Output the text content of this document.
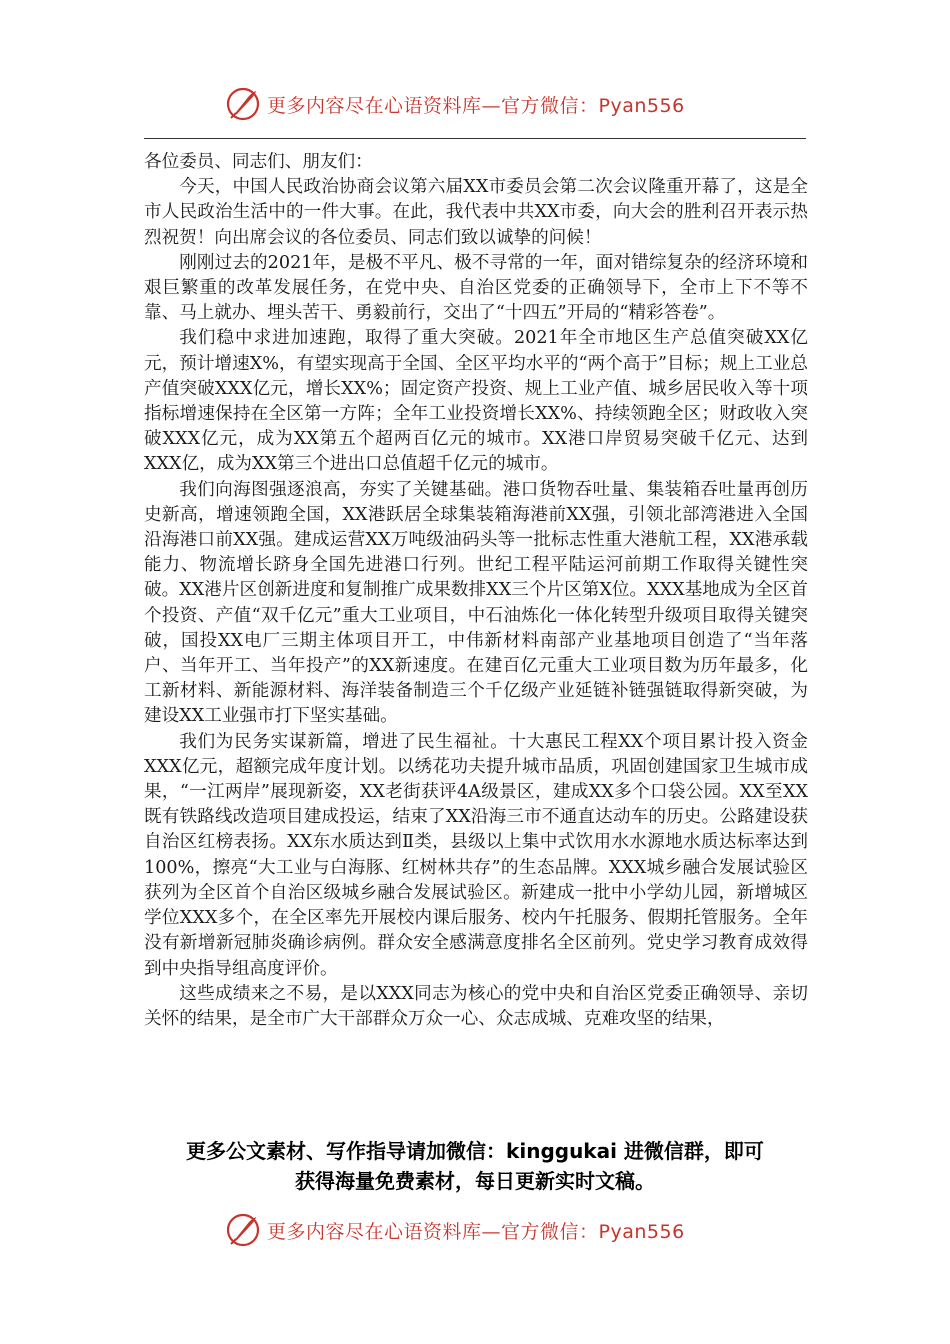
更多内容尽在心语资料库—官方微信：Pyan556

各位委员、同志们、朋友们：

今天，中国人民政治协商会议第六届XX市委员会第二次会议隆重开幕了，这是全市人民政治生活中的一件大事。在此，我代表中共XX市委，向大会的胜利召开表示热烈祝贺！向出席会议的各位委员、同志们致以诚挚的问候！

刚刚过去的2021年，是极不平凡、极不寻常的一年，面对错综复杂的经济环境和艰巨繁重的改革发展任务，在党中央、自治区党委的正确领导下，全市上下不等不靠、马上就办、埋头苦干、勇毅前行，交出了“十四五”开局的“精彩答卷”。

我们稳中求进加速跑，取得了重大突破。2021年全市地区生产总值突破XX亿元，预计增速X%，有望实现高于全国、全区平均水平的“两个高于”目标；规上工业总产值突破XXX亿元，增长XX%；固定资产投资、规上工业产值、城乡居民收入等十项指标增速保持在全区第一方阵；全年工业投资增长XX%、持续领跑全区；财政收入突破XXX亿元，成为XX第五个超两百亿元的城市。XX港口岸贸易突破千亿元、达到XXX亿，成为XX第三个进出口总值超千亿元的城市。

我们向海图强逐浪高，夯实了关键基础。港口货物吞吐量、集装箱吞吐量再创历史新高，增速领跑全国，XX港跃居全球集装箱海港前XX强，引领北部湾港进入全国沿海港口前XX强。建成运营XX万吨级油码头等一批标志性重大港航工程，XX港承载能力、物流增长跻身全国先进港口行列。世纪工程平陆运河前期工作取得关键性突破。XX港片区创新进度和复制推广成果数排XX三个片区第X位。XXX基地成为全区首个投资、产值“双千亿元”重大工业项目，中石油炼化一体化转型升级项目取得关键突破，国投XX电厂三期主体项目开工，中伟新材料南部产业基地项目创造了“当年落户、当年开工、当年投产”的XX新速度。在建百亿元重大工业项目数为历年最多，化工新材料、新能源材料、海洋装备制造三个千亿级产业延链补链强链取得新突破，为建设XX工业强市打下坚实基础。

我们为民务实谋新篇，增进了民生福祉。十大惠民工程XX个项目累计投入资金XXX亿元，超额完成年度计划。以绣花功夫提升城市品质，巩固创建国家卫生城市成果，“一江两岸”展现新姿，XX老街获评4A级景区，建成XX多个口袋公园。XX至XX既有铁路线改造项目建成投运，结束了XX沿海三市不通直达动车的历史。公路建设获自治区红榜表扬。XX东水质达到Ⅱ类，县级以上集中式饮用水水源地水质达标率达到100%，擦亮“大工业与白海豚、红树林共存”的生态品牌。XXX城乡融合发展试验区获列为全区首个自治区级城乡融合发展试验区。新建成一批中小学幼儿园，新增城区学位XXX多个，在全区率先开展校内课后服务、校内午托服务、假期托管服务。全年没有新增新冠肺炎确诊病例。群众安全感满意度排名全区前列。党史学习教育成效得到中央指导组高度评价。

这些成绩来之不易，是以XXX同志为核心的党中央和自治区党委正确领导、亲切关怀的结果，是全市广大干部群众万众一心、众志成城、克难攻坚的结果，

更多公文素材、写作指导请加微信：kinggukai 进微信群，即可
获得海量免费素材，每日更新实时文稿。
更多内容尽在心语资料库—官方微信：Pyan556
